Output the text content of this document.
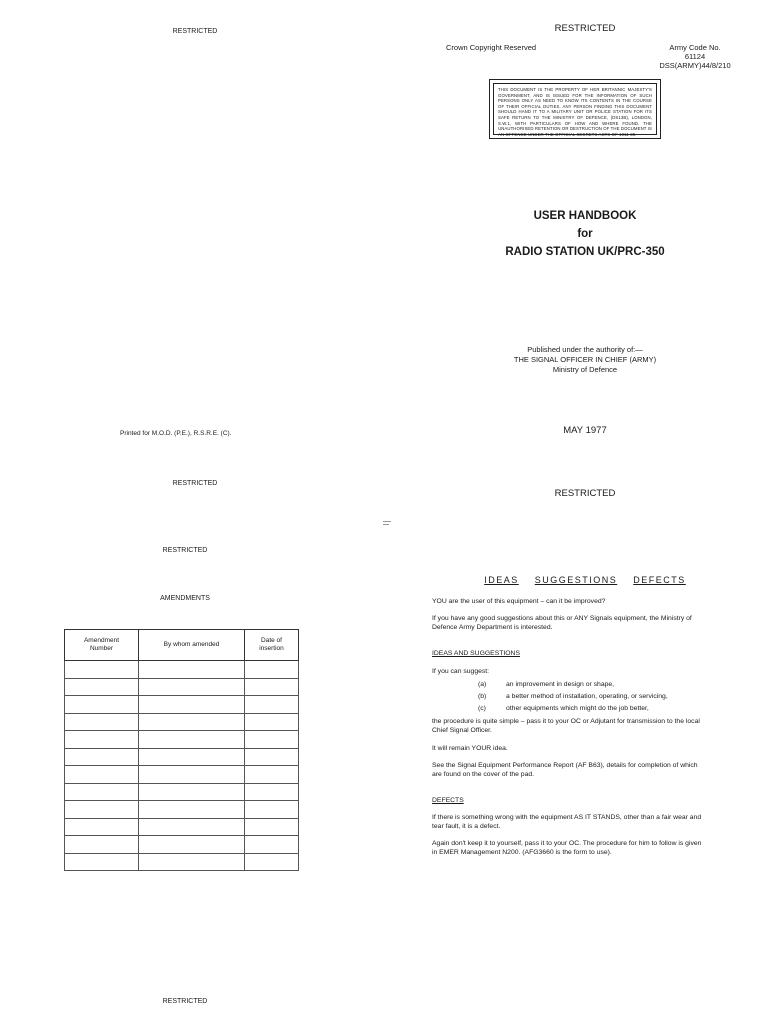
RESTRICTED
Printed for M.O.D. (P.E.), R.S.R.E. (C).
RESTRICTED
RESTRICTED
Crown Copyright Reserved	Army Code No.
61124
DSS(ARMY)44/8/210
THIS DOCUMENT IS THE PROPERTY OF HER BRITANNIC MAJESTY'S GOVERNMENT, AND IS ISSUED FOR THE INFORMATION OF SUCH PERSONS ONLY AS NEED TO KNOW ITS CONTENTS IN THE COURSE OF THEIR OFFICIAL DUTIES. ANY PERSON FINDING THIS DOCUMENT SHOULD HAND IT TO A MILITARY UNIT OR POLICE STATION FOR ITS SAFE RETURN TO THE MINISTRY OF DEFENCE, (DS13B), LONDON, S.W.1, WITH PARTICULARS OF HOW AND WHERE FOUND. THE UNAUTHORISED RETENTION OR DESTRUCTION OF THE DOCUMENT IS AN OFFENCE UNDER THE OFFICIAL SECRETS ACTS OF 1911-39.
USER HANDBOOK
for
RADIO STATION UK/PRC-350
Published under the authority of:—
THE SIGNAL OFFICER IN CHIEF (ARMY)
Ministry of Defence
MAY 1977
RESTRICTED
RESTRICTED
AMENDMENTS
Amendment
Number	By whom amended	Date of
insertion

RESTRICTED
IDEAS SUGGESTIONS DEFECTS
YOU are the user of this equipment – can it be improved?
If you have any good suggestions about this or ANY Signals equipment, the Ministry of Defence Army Department is interested.
IDEAS AND SUGGESTIONS
If you can suggest:
(a)	an improvement in design or shape,
(b)	a better method of installation, operating, or servicing,
(c)	other equipments which might do the job better,
the procedure is quite simple – pass it to your OC or Adjutant for transmission to the local Chief Signal Officer.
It will remain YOUR idea.
See the Signal Equipment Performance Report (AF B63), details for completion of which are found on the cover of the pad.
DEFECTS
If there is something wrong with the equipment AS IT STANDS, other than a fair wear and tear fault, it is a defect.
Again don't keep it to yourself, pass it to your OC. The procedure for him to follow is given in EMER Management N200. (AFG3660 is the form to use).
